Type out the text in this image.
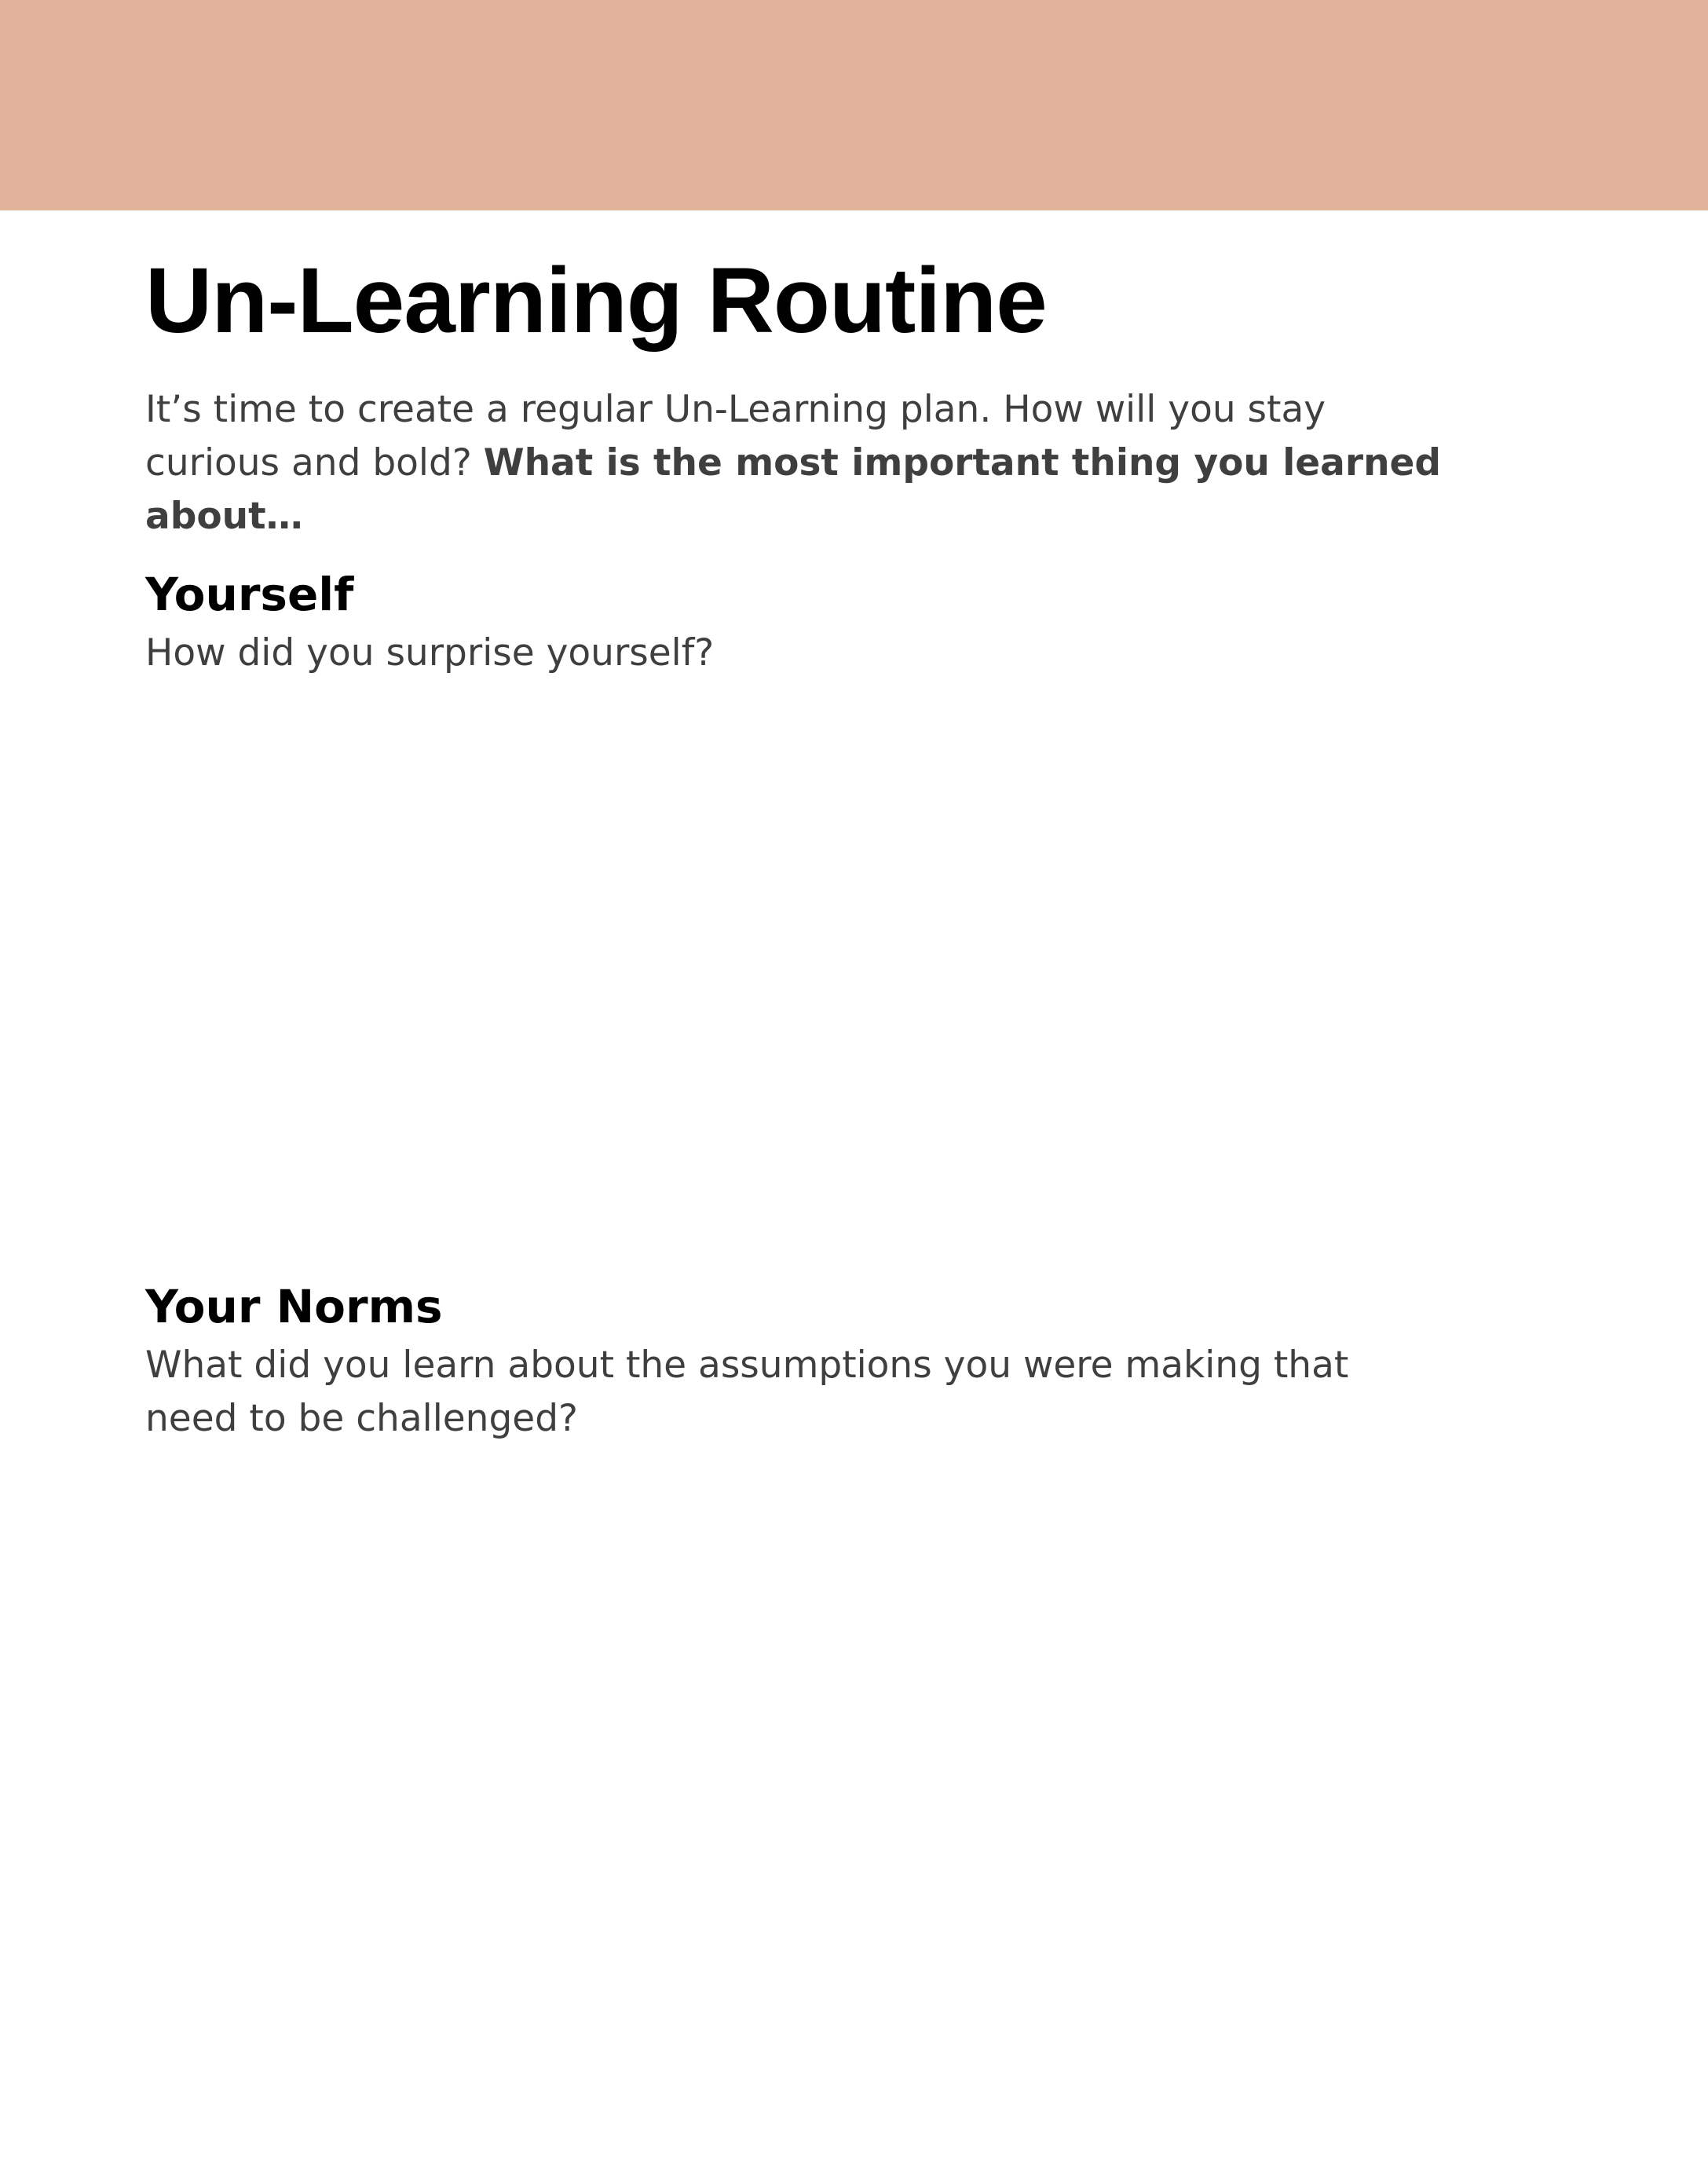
Un-Learning Routine

It’s time to create a regular Un-Learning plan. How will you stay curious and bold? What is the most important thing you learned about…

Yourself

How did you surprise yourself?

Your Norms

What did you learn about the assumptions you were making that need to be challenged?
